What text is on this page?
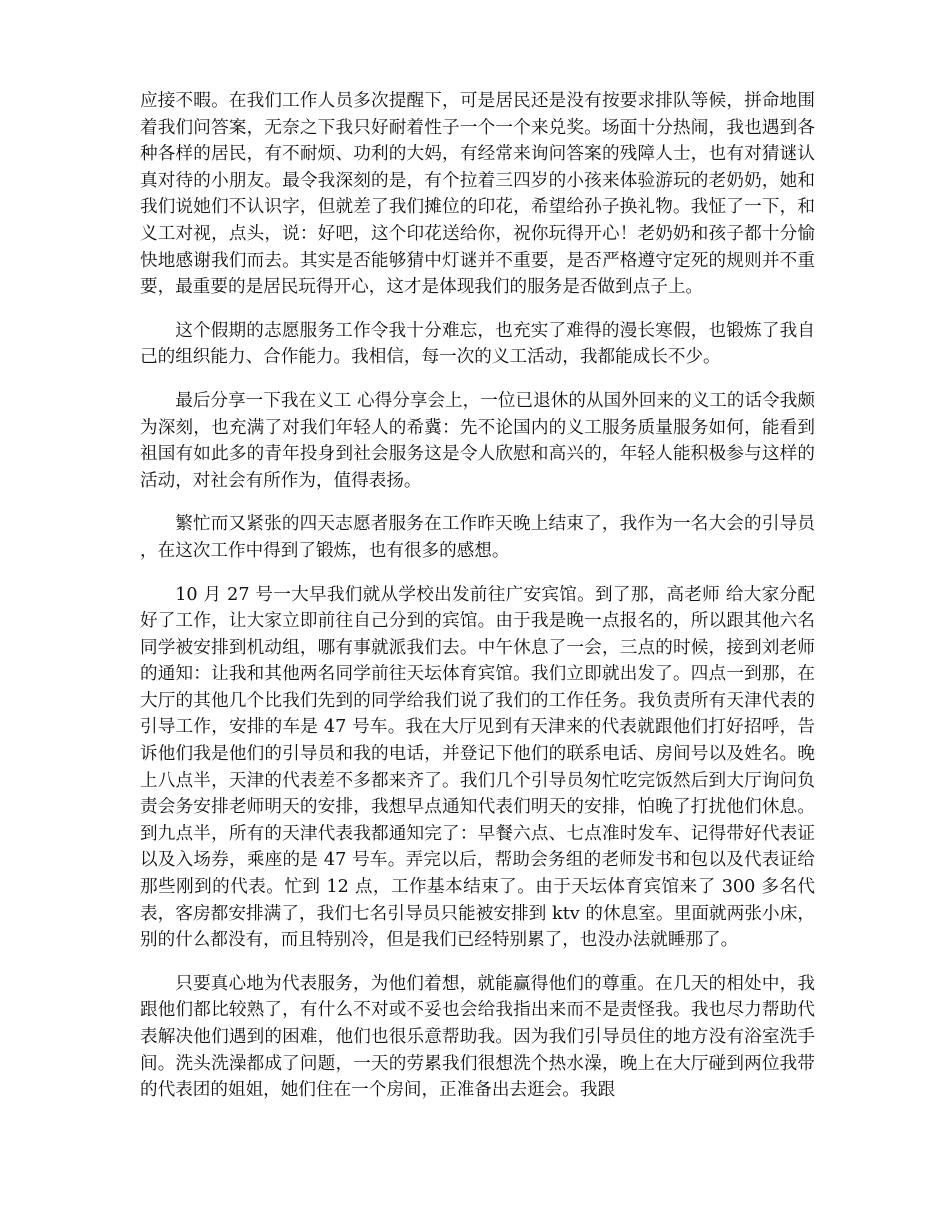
应接不暇。在我们工作人员多次提醒下，可是居民还是没有按要求排队等候，拼命地围着我们问答案，无奈之下我只好耐着性子一个一个来兑奖。场面十分热闹，我也遇到各种各样的居民，有不耐烦、功利的大妈，有经常来询问答案的残障人士，也有对猜谜认真对待的小朋友。最令我深刻的是，有个拉着三四岁的小孩来体验游玩的老奶奶，她和我们说她们不认识字，但就差了我们摊位的印花，希望给孙子换礼物。我怔了一下，和义工对视，点头，说：好吧，这个印花送给你，祝你玩得开心！老奶奶和孩子都十分愉快地感谢我们而去。其实是否能够猜中灯谜并不重要，是否严格遵守定死的规则并不重要，最重要的是居民玩得开心，这才是体现我们的服务是否做到点子上。

这个假期的志愿服务工作令我十分难忘，也充实了难得的漫长寒假，也锻炼了我自己的组织能力、合作能力。我相信，每一次的义工活动，我都能成长不少。

最后分享一下我在义工 心得分享会上，一位已退休的从国外回来的义工的话令我颇为深刻，也充满了对我们年轻人的希冀：先不论国内的义工服务质量服务如何，能看到祖国有如此多的青年投身到社会服务这是令人欣慰和高兴的，年轻人能积极参与这样的活动，对社会有所作为，值得表扬。

繁忙而又紧张的四天志愿者服务在工作昨天晚上结束了，我作为一名大会的引导员，在这次工作中得到了锻炼，也有很多的感想。

10 月 27 号一大早我们就从学校出发前往广安宾馆。到了那，高老师 给大家分配好了工作，让大家立即前往自己分到的宾馆。由于我是晚一点报名的，所以跟其他六名同学被安排到机动组，哪有事就派我们去。中午休息了一会，三点的时候，接到刘老师的通知：让我和其他两名同学前往天坛体育宾馆。我们立即就出发了。四点一到那，在大厅的其他几个比我们先到的同学给我们说了我们的工作任务。我负责所有天津代表的引导工作，安排的车是 47 号车。我在大厅见到有天津来的代表就跟他们打好招呼，告诉他们我是他们的引导员和我的电话，并登记下他们的联系电话、房间号以及姓名。晚上八点半，天津的代表差不多都来齐了。我们几个引导员匆忙吃完饭然后到大厅询问负责会务安排老师明天的安排，我想早点通知代表们明天的安排，怕晚了打扰他们休息。到九点半，所有的天津代表我都通知完了：早餐六点、七点准时发车、记得带好代表证以及入场券，乘座的是 47 号车。弄完以后，帮助会务组的老师发书和包以及代表证给那些刚到的代表。忙到 12 点，工作基本结束了。由于天坛体育宾馆来了 300 多名代表，客房都安排满了，我们七名引导员只能被安排到 ktv 的休息室。里面就两张小床，别的什么都没有，而且特别冷，但是我们已经特别累了，也没办法就睡那了。

只要真心地为代表服务，为他们着想，就能赢得他们的尊重。在几天的相处中，我跟他们都比较熟了，有什么不对或不妥也会给我指出来而不是责怪我。我也尽力帮助代表解决他们遇到的困难，他们也很乐意帮助我。因为我们引导员住的地方没有浴室洗手间。洗头洗澡都成了问题，一天的劳累我们很想洗个热水澡，晚上在大厅碰到两位我带的代表团的姐姐，她们住在一个房间，正准备出去逛会。我跟
